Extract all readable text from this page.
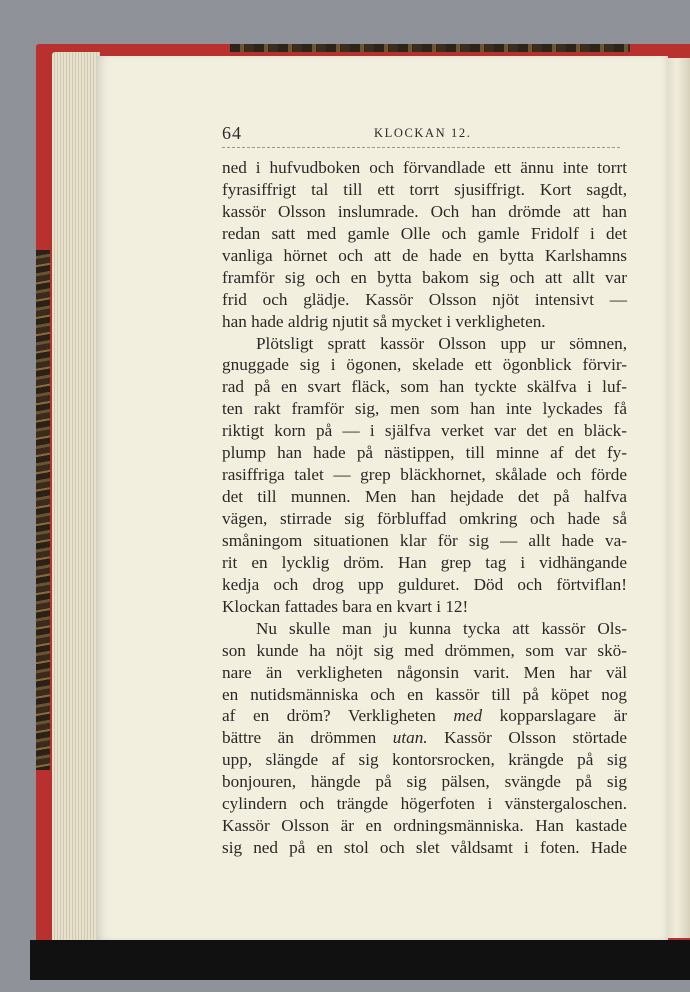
64	KLOCKAN 12.
ned i hufvudboken och förvandlade ett ännu inte torrt
fyrasiffrigt tal till ett torrt sjusiffrigt. Kort sagdt,
kassör Olsson inslumrade. Och han drömde att han
redan satt med gamle Olle och gamle Fridolf i det
vanliga hörnet och att de hade en bytta Karlshamns
framför sig och en bytta bakom sig och att allt var
frid och glädje. Kassör Olsson njöt intensivt —
han hade aldrig njutit så mycket i verkligheten.
Plötsligt spratt kassör Olsson upp ur sömnen,
gnuggade sig i ögonen, skelade ett ögonblick förvir-
rad på en svart fläck, som han tyckte skälfva i luf-
ten rakt framför sig, men som han inte lyckades få
riktigt korn på — i själfva verket var det en bläck-
plump han hade på nästippen, till minne af det fy-
rasiffriga talet — grep bläckhornet, skålade och förde
det till munnen. Men han hejdade det på halfva
vägen, stirrade sig förbluffad omkring och hade så
småningom situationen klar för sig — allt hade va-
rit en lycklig dröm. Han grep tag i vidhängande
kedja och drog upp gulduret. Död och förtviflan!
Klockan fattades bara en kvart i 12!
Nu skulle man ju kunna tycka att kassör Ols-
son kunde ha nöjt sig med drömmen, som var skö-
nare än verkligheten någonsin varit. Men har väl
en nutidsmänniska och en kassör till på köpet nog
af en dröm? Verkligheten med kopparslagare är
bättre än drömmen utan. Kassör Olsson störtade
upp, slängde af sig kontorsrocken, krängde på sig
bonjouren, hängde på sig pälsen, svängde på sig
cylindern och trängde högerfoten i vänstergaloschen.
Kassör Olsson är en ordningsmänniska. Han kastade
sig ned på en stol och slet våldsamt i foten. Hade
